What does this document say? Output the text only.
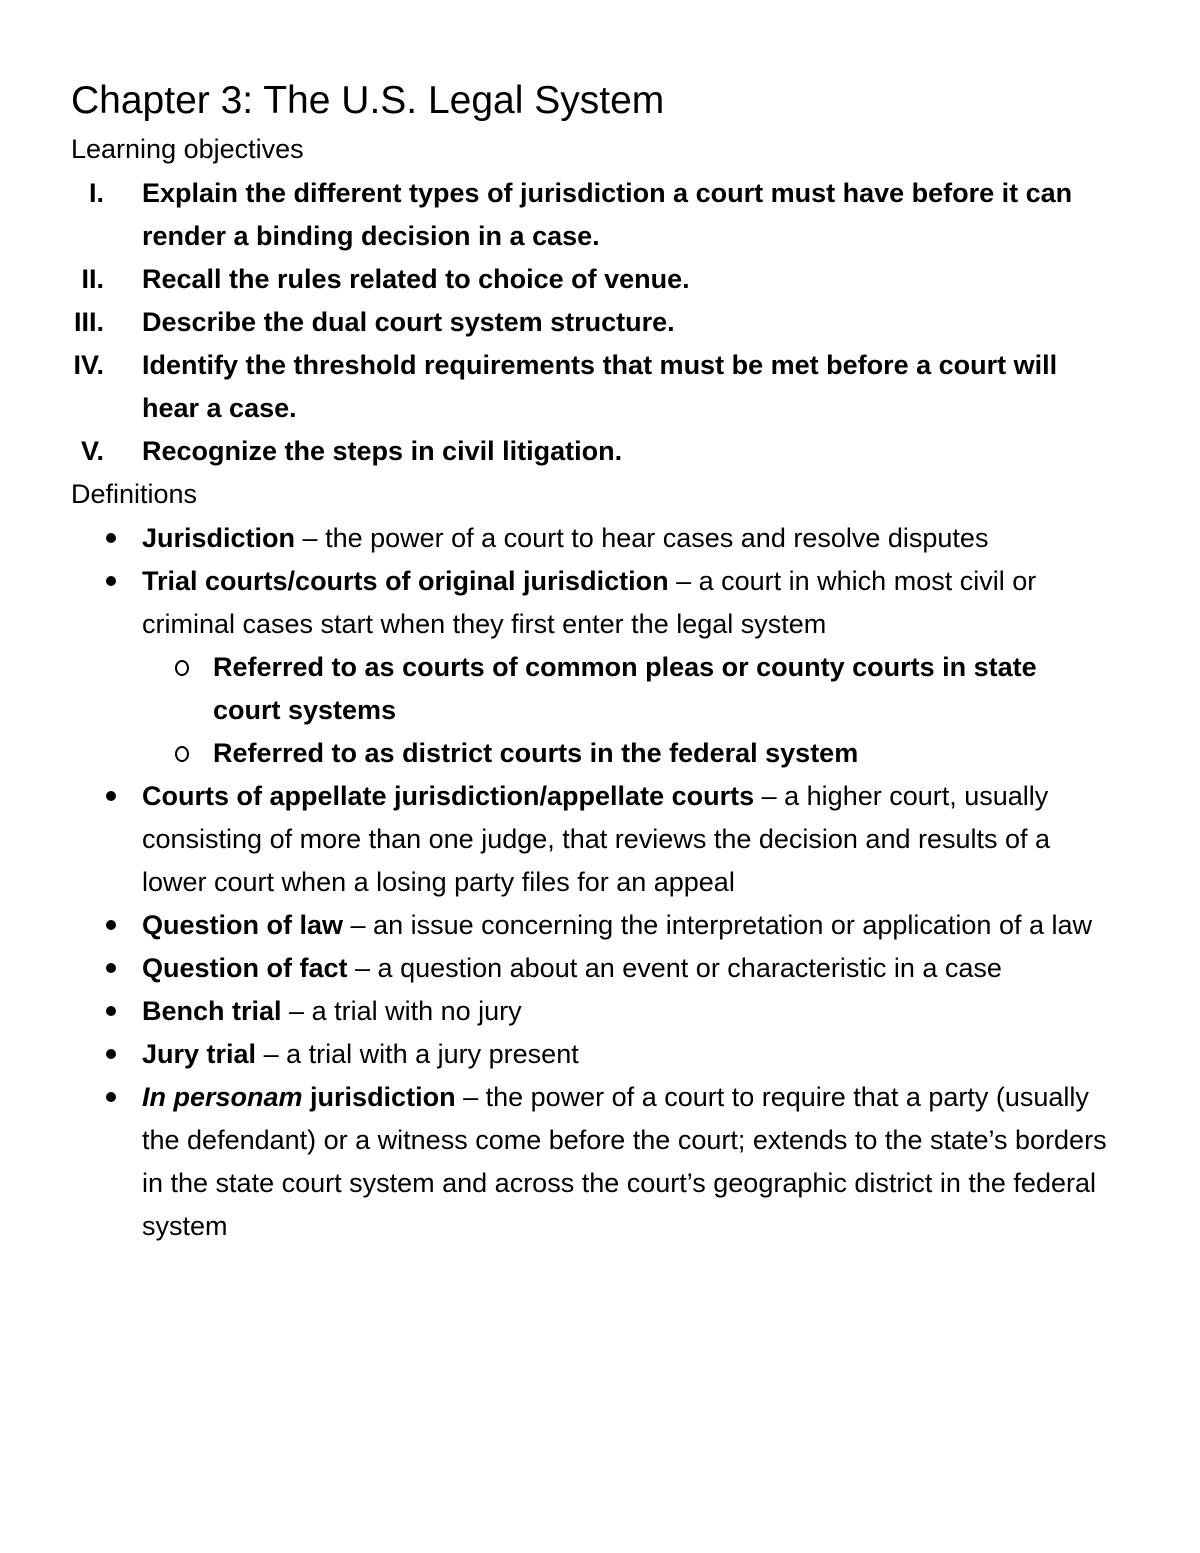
Chapter 3: The U.S. Legal System
Learning objectives
I. Explain the different types of jurisdiction a court must have before it can render a binding decision in a case.
II. Recall the rules related to choice of venue.
III. Describe the dual court system structure.
IV. Identify the threshold requirements that must be met before a court will hear a case.
V. Recognize the steps in civil litigation.
Definitions
Jurisdiction – the power of a court to hear cases and resolve disputes
Trial courts/courts of original jurisdiction – a court in which most civil or criminal cases start when they first enter the legal system
Referred to as courts of common pleas or county courts in state court systems
Referred to as district courts in the federal system
Courts of appellate jurisdiction/appellate courts – a higher court, usually consisting of more than one judge, that reviews the decision and results of a lower court when a losing party files for an appeal
Question of law – an issue concerning the interpretation or application of a law
Question of fact – a question about an event or characteristic in a case
Bench trial – a trial with no jury
Jury trial – a trial with a jury present
In personam jurisdiction – the power of a court to require that a party (usually the defendant) or a witness come before the court; extends to the state’s borders in the state court system and across the court’s geographic district in the federal system
